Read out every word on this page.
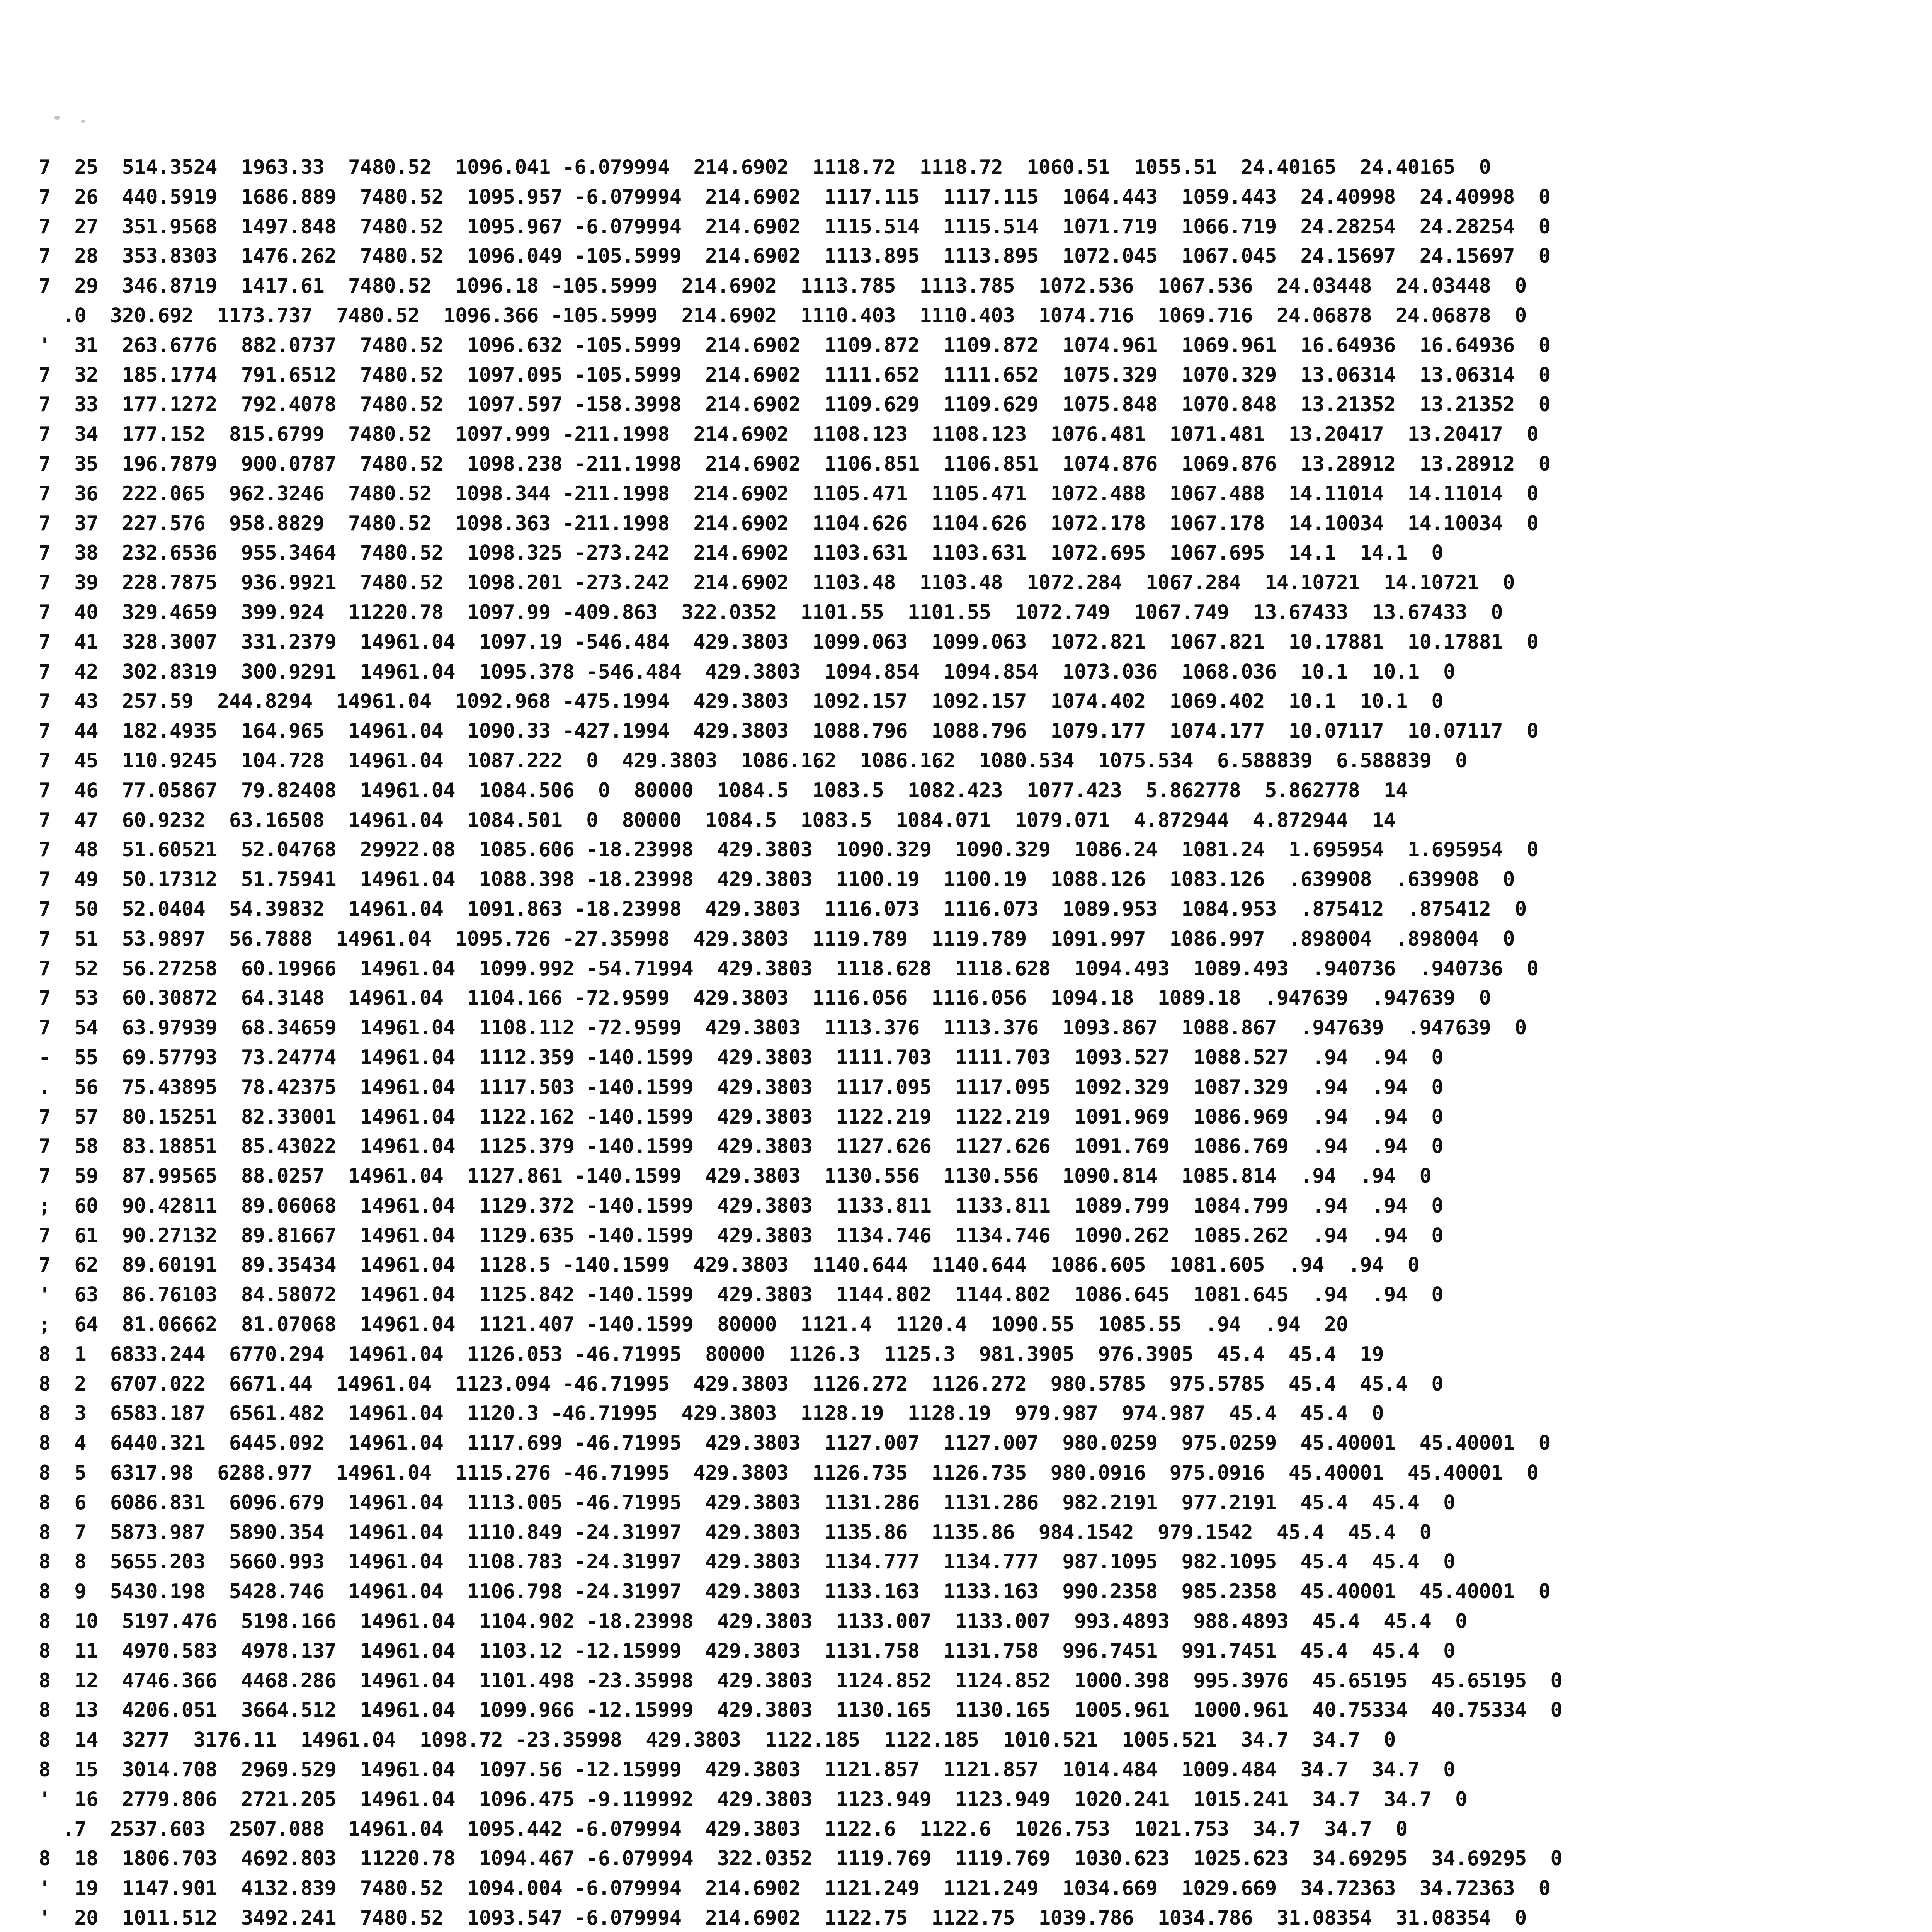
7  25  514.3524  1963.33  7480.52  1096.041 -6.079994  214.6902  1118.72  1118.72  1060.51  1055.51  24.40165  24.40165  0
7  26  440.5919  1686.889  7480.52  1095.957 -6.079994  214.6902  1117.115  1117.115  1064.443  1059.443  24.40998  24.40998  0
7  27  351.9568  1497.848  7480.52  1095.967 -6.079994  214.6902  1115.514  1115.514  1071.719  1066.719  24.28254  24.28254  0
7  28  353.8303  1476.262  7480.52  1096.049 -105.5999  214.6902  1113.895  1113.895  1072.045  1067.045  24.15697  24.15697  0
7  29  346.8719  1417.61  7480.52  1096.18 -105.5999  214.6902  1113.785  1113.785  1072.536  1067.536  24.03448  24.03448  0
.0  320.692  1173.737  7480.52  1096.366 -105.5999  214.6902  1110.403  1110.403  1074.716  1069.716  24.06878  24.06878  0
'  31  263.6776  882.0737  7480.52  1096.632 -105.5999  214.6902  1109.872  1109.872  1074.961  1069.961  16.64936  16.64936  0
7  32  185.1774  791.6512  7480.52  1097.095 -105.5999  214.6902  1111.652  1111.652  1075.329  1070.329  13.06314  13.06314  0
7  33  177.1272  792.4078  7480.52  1097.597 -158.3998  214.6902  1109.629  1109.629  1075.848  1070.848  13.21352  13.21352  0
7  34  177.152  815.6799  7480.52  1097.999 -211.1998  214.6902  1108.123  1108.123  1076.481  1071.481  13.20417  13.20417  0
7  35  196.7879  900.0787  7480.52  1098.238 -211.1998  214.6902  1106.851  1106.851  1074.876  1069.876  13.28912  13.28912  0
7  36  222.065  962.3246  7480.52  1098.344 -211.1998  214.6902  1105.471  1105.471  1072.488  1067.488  14.11014  14.11014  0
7  37  227.576  958.8829  7480.52  1098.363 -211.1998  214.6902  1104.626  1104.626  1072.178  1067.178  14.10034  14.10034  0
7  38  232.6536  955.3464  7480.52  1098.325 -273.242  214.6902  1103.631  1103.631  1072.695  1067.695  14.1  14.1  0
7  39  228.7875  936.9921  7480.52  1098.201 -273.242  214.6902  1103.48  1103.48  1072.284  1067.284  14.10721  14.10721  0
7  40  329.4659  399.924  11220.78  1097.99 -409.863  322.0352  1101.55  1101.55  1072.749  1067.749  13.67433  13.67433  0
7  41  328.3007  331.2379  14961.04  1097.19 -546.484  429.3803  1099.063  1099.063  1072.821  1067.821  10.17881  10.17881  0
7  42  302.8319  300.9291  14961.04  1095.378 -546.484  429.3803  1094.854  1094.854  1073.036  1068.036  10.1  10.1  0
7  43  257.59  244.8294  14961.04  1092.968 -475.1994  429.3803  1092.157  1092.157  1074.402  1069.402  10.1  10.1  0
7  44  182.4935  164.965  14961.04  1090.33 -427.1994  429.3803  1088.796  1088.796  1079.177  1074.177  10.07117  10.07117  0
7  45  110.9245  104.728  14961.04  1087.222  0  429.3803  1086.162  1086.162  1080.534  1075.534  6.588839  6.588839  0
7  46  77.05867  79.82408  14961.04  1084.506  0  80000  1084.5  1083.5  1082.423  1077.423  5.862778  5.862778  14
7  47  60.9232  63.16508  14961.04  1084.501  0  80000  1084.5  1083.5  1084.071  1079.071  4.872944  4.872944  14
7  48  51.60521  52.04768  29922.08  1085.606 -18.23998  429.3803  1090.329  1090.329  1086.24  1081.24  1.695954  1.695954  0
7  49  50.17312  51.75941  14961.04  1088.398 -18.23998  429.3803  1100.19  1100.19  1088.126  1083.126  .639908  .639908  0
7  50  52.0404  54.39832  14961.04  1091.863 -18.23998  429.3803  1116.073  1116.073  1089.953  1084.953  .875412  .875412  0
7  51  53.9897  56.7888  14961.04  1095.726 -27.35998  429.3803  1119.789  1119.789  1091.997  1086.997  .898004  .898004  0
7  52  56.27258  60.19966  14961.04  1099.992 -54.71994  429.3803  1118.628  1118.628  1094.493  1089.493  .940736  .940736  0
7  53  60.30872  64.3148  14961.04  1104.166 -72.9599  429.3803  1116.056  1116.056  1094.18  1089.18  .947639  .947639  0
7  54  63.97939  68.34659  14961.04  1108.112 -72.9599  429.3803  1113.376  1113.376  1093.867  1088.867  .947639  .947639  0
-  55  69.57793  73.24774  14961.04  1112.359 -140.1599  429.3803  1111.703  1111.703  1093.527  1088.527  .94  .94  0
.  56  75.43895  78.42375  14961.04  1117.503 -140.1599  429.3803  1117.095  1117.095  1092.329  1087.329  .94  .94  0
7  57  80.15251  82.33001  14961.04  1122.162 -140.1599  429.3803  1122.219  1122.219  1091.969  1086.969  .94  .94  0
7  58  83.18851  85.43022  14961.04  1125.379 -140.1599  429.3803  1127.626  1127.626  1091.769  1086.769  .94  .94  0
7  59  87.99565  88.0257  14961.04  1127.861 -140.1599  429.3803  1130.556  1130.556  1090.814  1085.814  .94  .94  0
;  60  90.42811  89.06068  14961.04  1129.372 -140.1599  429.3803  1133.811  1133.811  1089.799  1084.799  .94  .94  0
7  61  90.27132  89.81667  14961.04  1129.635 -140.1599  429.3803  1134.746  1134.746  1090.262  1085.262  .94  .94  0
7  62  89.60191  89.35434  14961.04  1128.5 -140.1599  429.3803  1140.644  1140.644  1086.605  1081.605  .94  .94  0
'  63  86.76103  84.58072  14961.04  1125.842 -140.1599  429.3803  1144.802  1144.802  1086.645  1081.645  .94  .94  0
;  64  81.06662  81.07068  14961.04  1121.407 -140.1599  80000  1121.4  1120.4  1090.55  1085.55  .94  .94  20
8  1  6833.244  6770.294  14961.04  1126.053 -46.71995  80000  1126.3  1125.3  981.3905  976.3905  45.4  45.4  19
8  2  6707.022  6671.44  14961.04  1123.094 -46.71995  429.3803  1126.272  1126.272  980.5785  975.5785  45.4  45.4  0
8  3  6583.187  6561.482  14961.04  1120.3 -46.71995  429.3803  1128.19  1128.19  979.987  974.987  45.4  45.4  0
8  4  6440.321  6445.092  14961.04  1117.699 -46.71995  429.3803  1127.007  1127.007  980.0259  975.0259  45.40001  45.40001  0
8  5  6317.98  6288.977  14961.04  1115.276 -46.71995  429.3803  1126.735  1126.735  980.0916  975.0916  45.40001  45.40001  0
8  6  6086.831  6096.679  14961.04  1113.005 -46.71995  429.3803  1131.286  1131.286  982.2191  977.2191  45.4  45.4  0
8  7  5873.987  5890.354  14961.04  1110.849 -24.31997  429.3803  1135.86  1135.86  984.1542  979.1542  45.4  45.4  0
8  8  5655.203  5660.993  14961.04  1108.783 -24.31997  429.3803  1134.777  1134.777  987.1095  982.1095  45.4  45.4  0
8  9  5430.198  5428.746  14961.04  1106.798 -24.31997  429.3803  1133.163  1133.163  990.2358  985.2358  45.40001  45.40001  0
8  10  5197.476  5198.166  14961.04  1104.902 -18.23998  429.3803  1133.007  1133.007  993.4893  988.4893  45.4  45.4  0
8  11  4970.583  4978.137  14961.04  1103.12 -12.15999  429.3803  1131.758  1131.758  996.7451  991.7451  45.4  45.4  0
8  12  4746.366  4468.286  14961.04  1101.498 -23.35998  429.3803  1124.852  1124.852  1000.398  995.3976  45.65195  45.65195  0
8  13  4206.051  3664.512  14961.04  1099.966 -12.15999  429.3803  1130.165  1130.165  1005.961  1000.961  40.75334  40.75334  0
8  14  3277  3176.11  14961.04  1098.72 -23.35998  429.3803  1122.185  1122.185  1010.521  1005.521  34.7  34.7  0
8  15  3014.708  2969.529  14961.04  1097.56 -12.15999  429.3803  1121.857  1121.857  1014.484  1009.484  34.7  34.7  0
'  16  2779.806  2721.205  14961.04  1096.475 -9.119992  429.3803  1123.949  1123.949  1020.241  1015.241  34.7  34.7  0
.7  2537.603  2507.088  14961.04  1095.442 -6.079994  429.3803  1122.6  1122.6  1026.753  1021.753  34.7  34.7  0
8  18  1806.703  4692.803  11220.78  1094.467 -6.079994  322.0352  1119.769  1119.769  1030.623  1025.623  34.69295  34.69295  0
'  19  1147.901  4132.839  7480.52  1094.004 -6.079994  214.6902  1121.249  1121.249  1034.669  1029.669  34.72363  34.72363  0
'  20  1011.512  3492.241  7480.52  1093.547 -6.079994  214.6902  1122.75  1122.75  1039.786  1034.786  31.08354  31.08354  0
